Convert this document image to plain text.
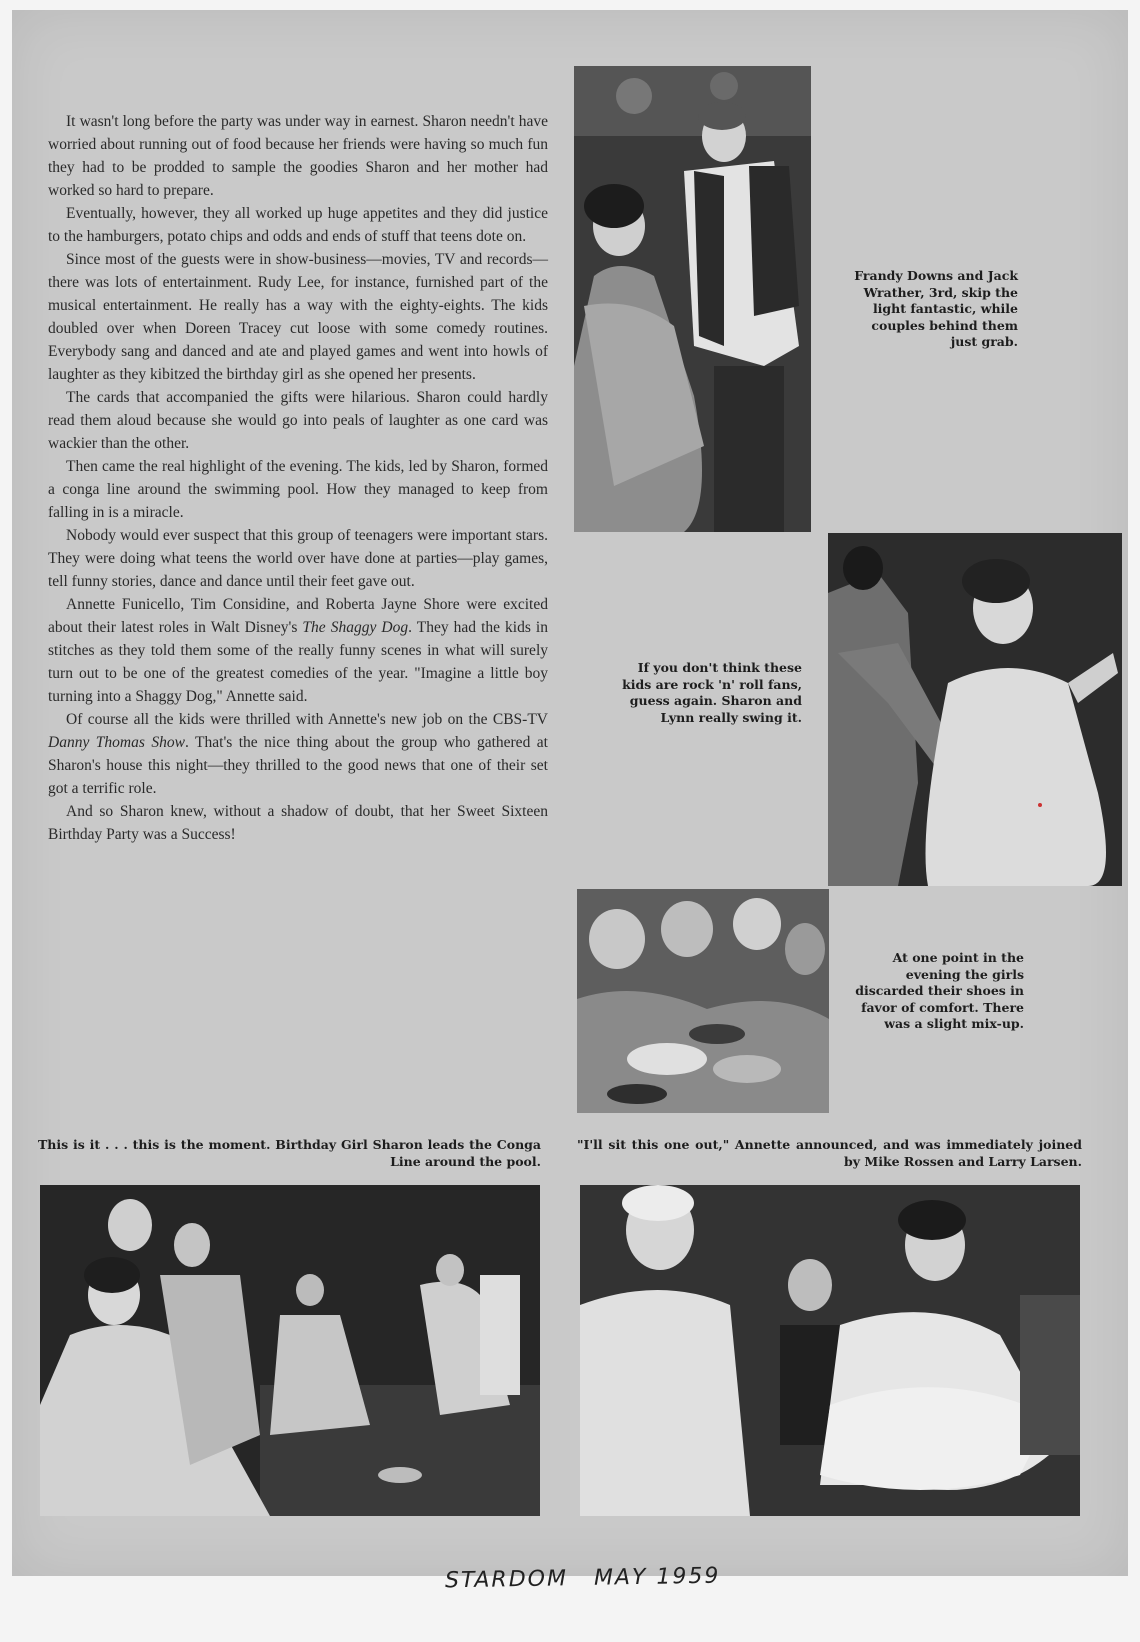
It wasn't long before the party was under way in earnest. Sharon needn't have worried about running out of food because her friends were having so much fun they had to be prodded to sample the goodies Sharon and her mother had worked so hard to prepare.

Eventually, however, they all worked up huge appetites and they did justice to the hamburgers, potato chips and odds and ends of stuff that teens dote on.

Since most of the guests were in show-business—movies, TV and records—there was lots of entertainment. Rudy Lee, for instance, furnished part of the musical entertainment. He really has a way with the eighty-eights. The kids doubled over when Doreen Tracey cut loose with some comedy routines. Everybody sang and danced and ate and played games and went into howls of laughter as they kibitzed the birthday girl as she opened her presents.

The cards that accompanied the gifts were hilarious. Sharon could hardly read them aloud because she would go into peals of laughter as one card was wackier than the other.

Then came the real highlight of the evening. The kids, led by Sharon, formed a conga line around the swimming pool. How they managed to keep from falling in is a miracle.

Nobody would ever suspect that this group of teenagers were important stars. They were doing what teens the world over have done at parties—play games, tell funny stories, dance and dance until their feet gave out.

Annette Funicello, Tim Considine, and Roberta Jayne Shore were excited about their latest roles in Walt Disney's The Shaggy Dog. They had the kids in stitches as they told them some of the really funny scenes in what will surely turn out to be one of the greatest comedies of the year. "Imagine a little boy turning into a Shaggy Dog," Annette said.

Of course all the kids were thrilled with Annette's new job on the CBS-TV Danny Thomas Show. That's the nice thing about the group who gathered at Sharon's house this night—they thrilled to the good news that one of their set got a terrific role.

And so Sharon knew, without a shadow of doubt, that her Sweet Sixteen Birthday Party was a Success!

Frandy Downs and Jack Wrather, 3rd, skip the light fantastic, while couples behind them just grab.
If you don't think these kids are rock 'n' roll fans, guess again. Sharon and Lynn really swing it.
At one point in the evening the girls discarded their shoes in favor of comfort. There was a slight mix-up.
This is it . . . this is the moment. Birthday Girl Sharon leads the Conga Line around the pool.
"I'll sit this one out," Annette announced, and was immediately joined by Mike Rossen and Larry Larsen.
STARDOM MAY 1959
